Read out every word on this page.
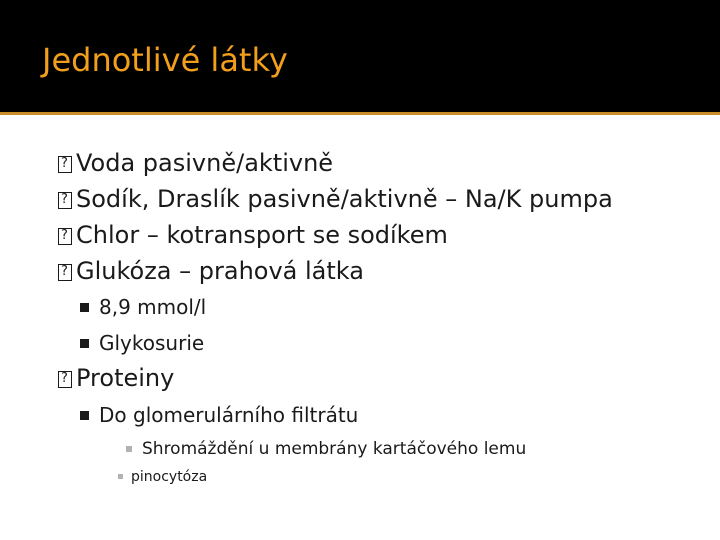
Jednotlivé látky
?Voda pasivně/aktivně
?Sodík, Draslík pasivně/aktivně – Na/K pumpa
?Chlor – kotransport se sodíkem
?Glukóza – prahová látka
8,9 mmol/l
Glykosurie
?Proteiny
Do glomerulárního filtrátu
Shromáždění u membrány kartáčového lemu
pinocytóza
